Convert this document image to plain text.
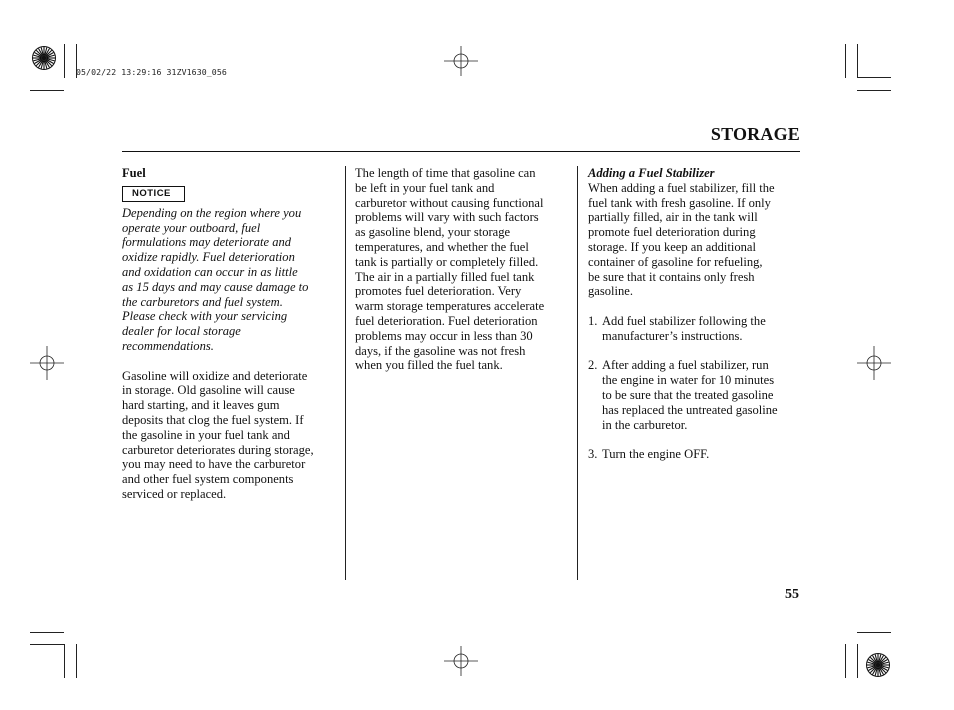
05/02/22 13:29:16 31ZV1630_056
STORAGE

Fuel

NOTICE

Depending on the region where you

operate your outboard, fuel

formulations may deteriorate and

oxidize rapidly. Fuel deterioration

and oxidation can occur in as little

as 15 days and may cause damage to

the carburetors and fuel system.

Please check with your servicing

dealer for local storage

recommendations.

Gasoline will oxidize and deteriorate

in storage. Old gasoline will cause

hard starting, and it leaves gum

deposits that clog the fuel system. If

the gasoline in your fuel tank and

carburetor deteriorates during storage,

you may need to have the carburetor

and other fuel system components

serviced or replaced.

The length of time that gasoline can

be left in your fuel tank and

carburetor without causing functional

problems will vary with such factors

as gasoline blend, your storage

temperatures, and whether the fuel

tank is partially or completely filled.

The air in a partially filled fuel tank

promotes fuel deterioration. Very

warm storage temperatures accelerate

fuel deterioration. Fuel deterioration

problems may occur in less than 30

days, if the gasoline was not fresh

when you filled the fuel tank.

Adding a Fuel Stabilizer

When adding a fuel stabilizer, fill the

fuel tank with fresh gasoline. If only

partially filled, air in the tank will

promote fuel deterioration during

storage. If you keep an additional

container of gasoline for refueling,

be sure that it contains only fresh

gasoline.

1. Add fuel stabilizer following the

manufacturer’s instructions.

2. After adding a fuel stabilizer, run

the engine in water for 10 minutes

to be sure that the treated gasoline

has replaced the untreated gasoline

in the carburetor.

3. Turn the engine OFF.

55
